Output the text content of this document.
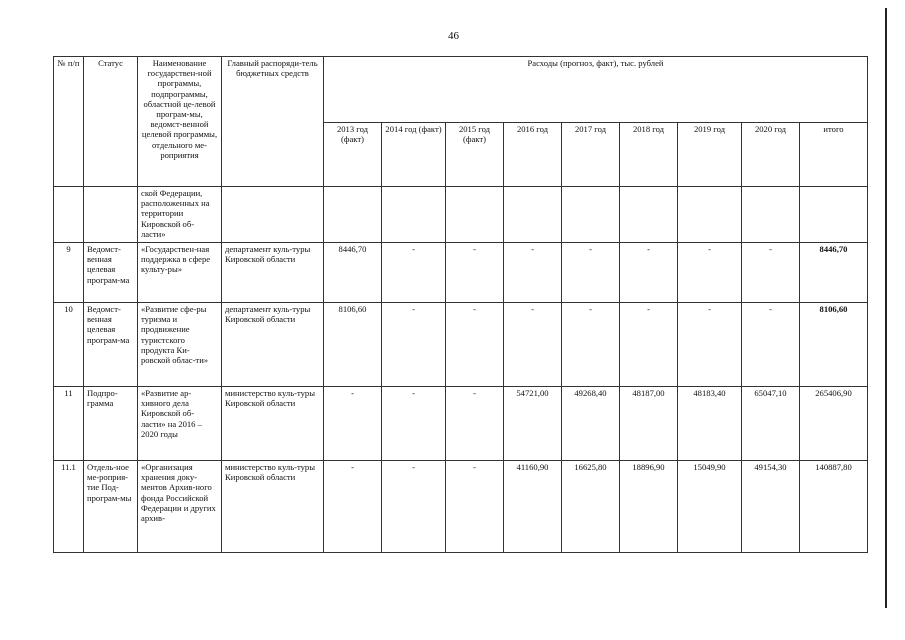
46
№ п/п	Статус	Наименование государствен-ной программы, подпрограммы, областной це-левой програм-мы, ведомст-венной целевой программы, отдельного ме-роприятия	Главный распоряди-тель бюджетных средств	Расходы (прогноз, факт), тыс. рублей								
				2013 год (факт)	2014 год (факт)	2015 год (факт)	2016 год	2017 год	2018 год	2019 год	2020 год	итого
		ской Федерации, расположенных на территории Кировской об-ласти»										
9	Ведомст-венная целевая програм-ма	«Государствен-ная поддержка в сфере культу-ры»	департамент куль-туры Кировской области	8446,70	-	-	-	-	-	-	-	8446,70
10	Ведомст-венная целевая програм-ма	«Развитие сфе-ры туризма и продвижение туристского продукта Ки-ровской облас-ти»	департамент куль-туры Кировской области	8106,60	-	-	-	-	-	-	-	8106,60
11	Подпро-грамма	«Развитие ар-хивного дела Кировской об-ласти» на 2016 – 2020 годы	министерство куль-туры Кировской области	-	-	-	54721,00	49268,40	48187,00	48183,40	65047,10	265406,90
11.1	Отдель-ное ме-роприя-тие Под-програм-мы	«Организация хранения доку-ментов Архив-ного фонда Российской Федерации и других архив-	министерство куль-туры Кировской области	-	-	-	41160,90	16625,80	18896,90	15049,90	49154,30	140887,80
